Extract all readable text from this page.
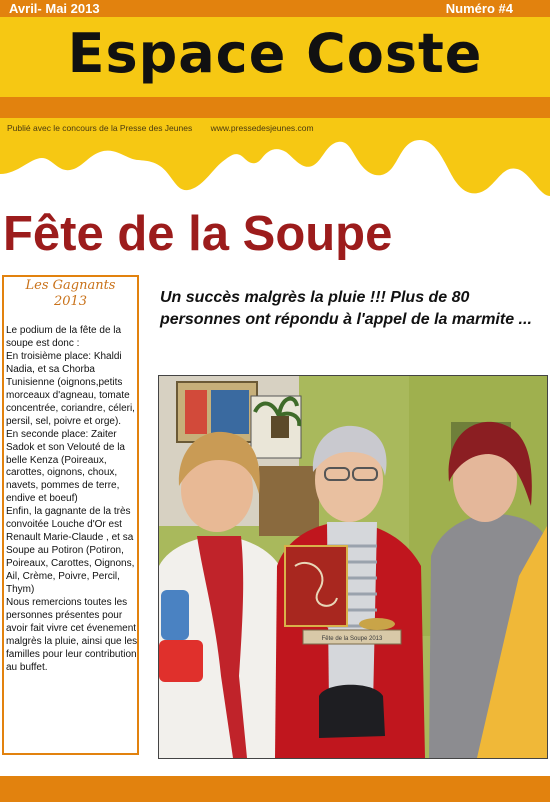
Avril- Mai 2013	Numéro #4
Espace Coste
Publié avec le concours de la Presse des Jeunes www.pressedesjeunes.com
Fête de la Soupe
Les Gagnants
2013

Le podium de la fête de la soupe est donc :

En troisième place: Khaldi Nadia, et sa Chorba Tunisienne (oignons,petits morceaux d'agneau, tomate concentrée, coriandre, céleri, persil, sel, poivre et orge).

En seconde place: Zaiter Sadok et son Velouté de la belle Kenza (Poireaux, carottes, oignons, choux, navets, pommes de terre, endive et boeuf)

Enfin, la gagnante de la très convoitée Louche d'Or est Renault Marie-Claude , et sa Soupe au Potiron (Potiron, Poireaux, Carottes, Oignons, Ail, Crème, Poivre, Percil, Thym)

Nous remercions toutes les personnes présentes pour avoir fait vivre cet évenement malgrès la pluie, ainsi que les familles pour leur contribution au buffet.

Un succès malgrès la pluie !!! Plus de 80 personnes ont répondu à l'appel de la marmite ...

Fête de la Soupe 2013
